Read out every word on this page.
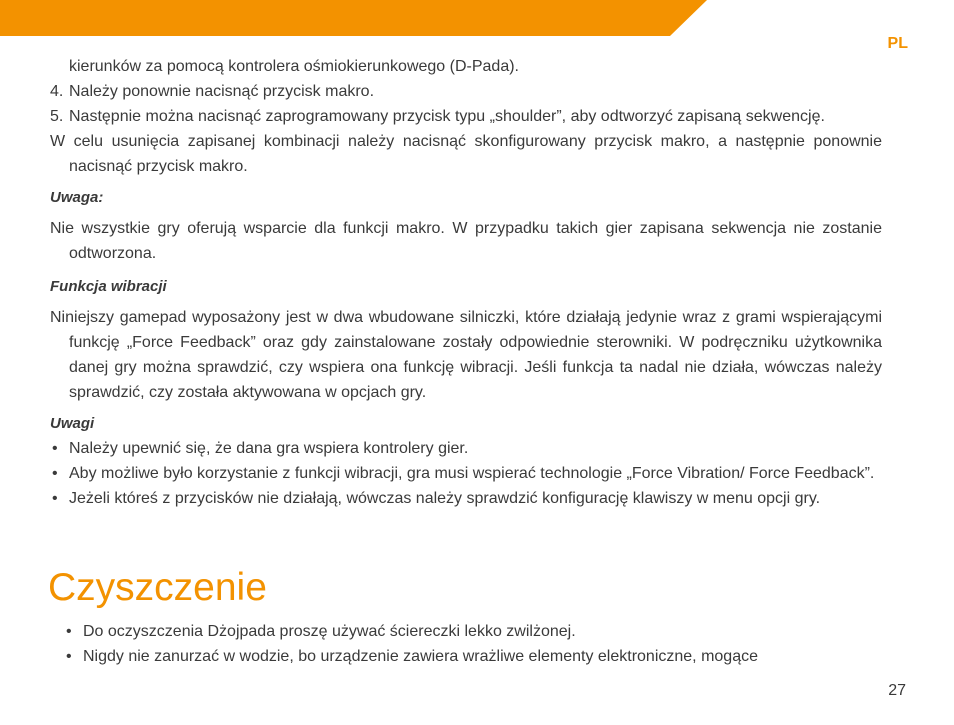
PL

kierunków za pomocą kontrolera ośmiokierunkowego (D-Pada).

4. Należy ponownie nacisnąć przycisk makro.
5. Następnie można nacisnąć zaprogramowany przycisk typu „shoulder”, aby odtworzyć zapisaną sekwencję.

W celu usunięcia zapisanej kombinacji należy nacisnąć skonfigurowany przycisk makro, a następnie ponownie nacisnąć przycisk makro.

Uwaga:

Nie wszystkie gry oferują wsparcie dla funkcji makro. W przypadku takich gier zapisana sekwencja nie zostanie odtworzona.

Funkcja wibracji

Niniejszy gamepad wyposażony jest w dwa wbudowane silniczki, które działają jedynie wraz z grami wspierającymi funkcję „Force Feedback” oraz gdy zainstalowane zostały odpowiednie sterowniki. W podręczniku użytkownika danej gry można sprawdzić, czy wspiera ona funkcję wibracji. Jeśli funkcja ta nadal nie działa, wówczas należy sprawdzić, czy została aktywowana w opcjach gry.

Uwagi

• Należy upewnić się, że dana gra wspiera kontrolery gier.
• Aby możliwe było korzystanie z funkcji wibracji, gra musi wspierać technologie „Force Vibration/ Force Feedback”.
• Jeżeli któreś z przycisków nie działają, wówczas należy sprawdzić konfigurację klawiszy w menu opcji gry.
Czyszczenie
• Do oczyszczenia Dżojpada proszę używać ściereczki lekko zwilżonej.
• Nigdy nie zanurzać w wodzie, bo urządzenie zawiera wrażliwe elementy elektroniczne, mogące
27
